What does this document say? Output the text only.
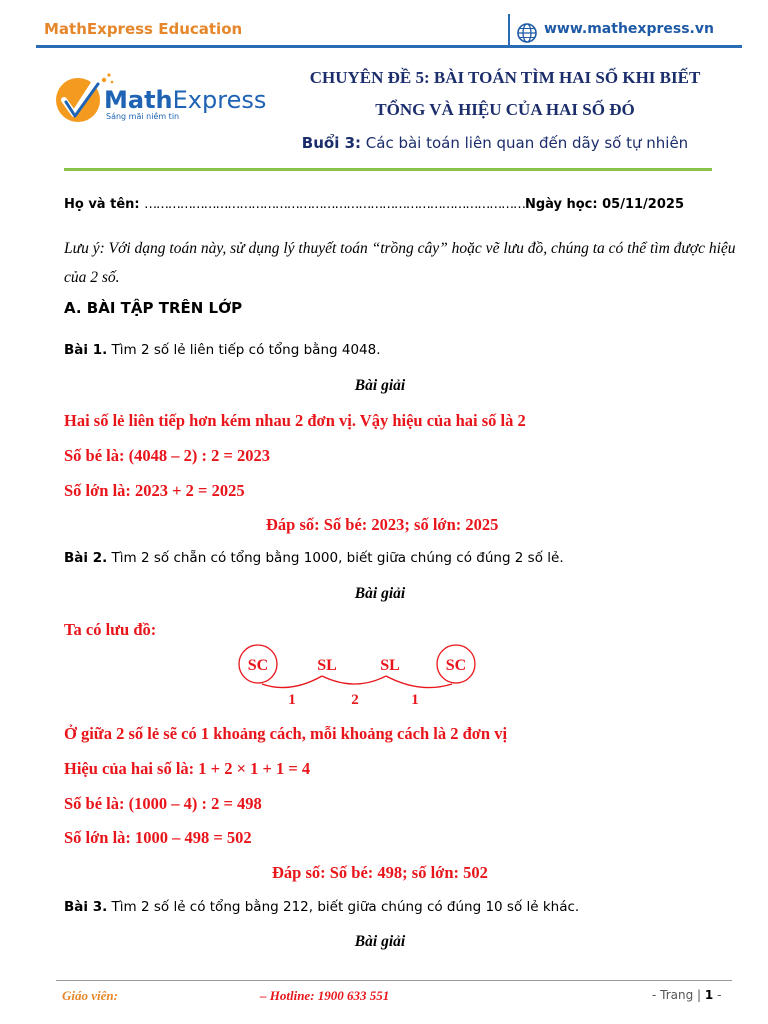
MathExpress Education	www.mathexpress.vn
MathExpress
Sáng mãi niềm tin
CHUYÊN ĐỀ 5: BÀI TOÁN TÌM HAI SỐ KHI BIẾT
TỔNG VÀ HIỆU CỦA HAI SỐ ĐÓ
Buổi 3: Các bài toán liên quan đến dãy số tự nhiên
Họ và tên: ……………………………………………………………………………………Ngày học: 05/11/2025
Lưu ý: Với dạng toán này, sử dụng lý thuyết toán “trồng cây” hoặc vẽ lưu đồ, chúng ta có thể tìm được hiệu của 2 số.
A. BÀI TẬP TRÊN LỚP
Bài 1. Tìm 2 số lẻ liên tiếp có tổng bằng 4048.
Bài giải
Hai số lẻ liên tiếp hơn kém nhau 2 đơn vị. Vậy hiệu của hai số là 2
Số bé là: (4048 – 2) : 2 = 2023
Số lớn là: 2023 + 2 = 2025
Đáp số: Số bé: 2023; số lớn: 2025
Bài 2. Tìm 2 số chẵn có tổng bằng 1000, biết giữa chúng có đúng 2 số lẻ.
Bài giải
Ta có lưu đồ:
SC	SL	SL	SC
1	2	1
Ở giữa 2 số lẻ sẽ có 1 khoảng cách, mỗi khoảng cách là 2 đơn vị
Hiệu của hai số là: 1 + 2 × 1 + 1 = 4
Số bé là: (1000 – 4) : 2 = 498
Số lớn là: 1000 – 498 = 502
Đáp số: Số bé: 498; số lớn: 502
Bài 3. Tìm 2 số lẻ có tổng bằng 212, biết giữa chúng có đúng 10 số lẻ khác.
Bài giải
Giáo viên:	– Hotline: 1900 633 551	- Trang | 1 -
